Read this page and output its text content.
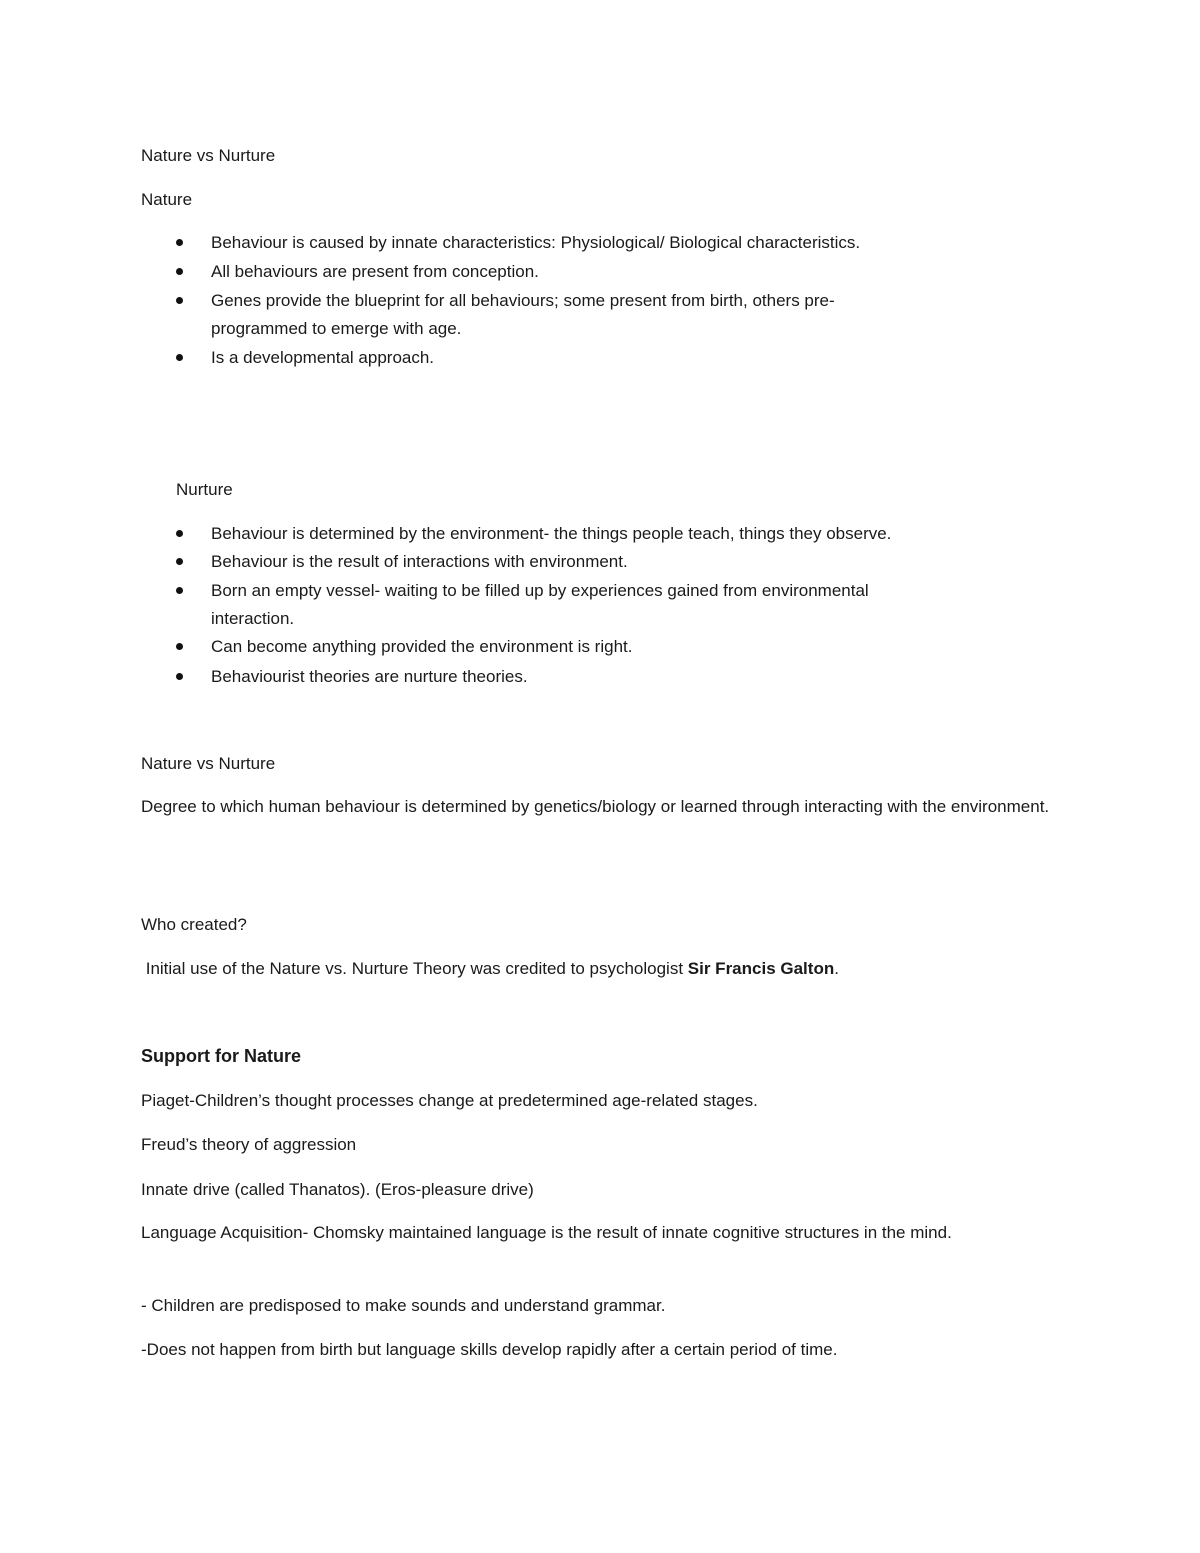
Nature vs Nurture
Nature
Behaviour is caused by innate characteristics: Physiological/ Biological characteristics.
All behaviours are present from conception.
Genes provide the blueprint for all behaviours; some present from birth, others pre-
programmed to emerge with age.
Is a developmental approach.
Nurture
Behaviour is determined by the environment- the things people teach, things they observe.
Behaviour is the result of interactions with environment.
Born an empty vessel- waiting to be filled up by experiences gained from environmental
interaction.
Can become anything provided the environment is right.
Behaviourist theories are nurture theories.
Nature vs Nurture
Degree to which human behaviour is determined by genetics/biology or learned through interacting with the environment.
Who created?
Initial use of the Nature vs. Nurture Theory was credited to psychologist Sir Francis Galton.
Support for Nature
Piaget-Children’s thought processes change at predetermined age-related stages.
Freud’s theory of aggression
Innate drive (called Thanatos). (Eros-pleasure drive)
Language Acquisition- Chomsky maintained language is the result of innate cognitive structures in the mind.
- Children are predisposed to make sounds and understand grammar.
-Does not happen from birth but language skills develop rapidly after a certain period of time.
